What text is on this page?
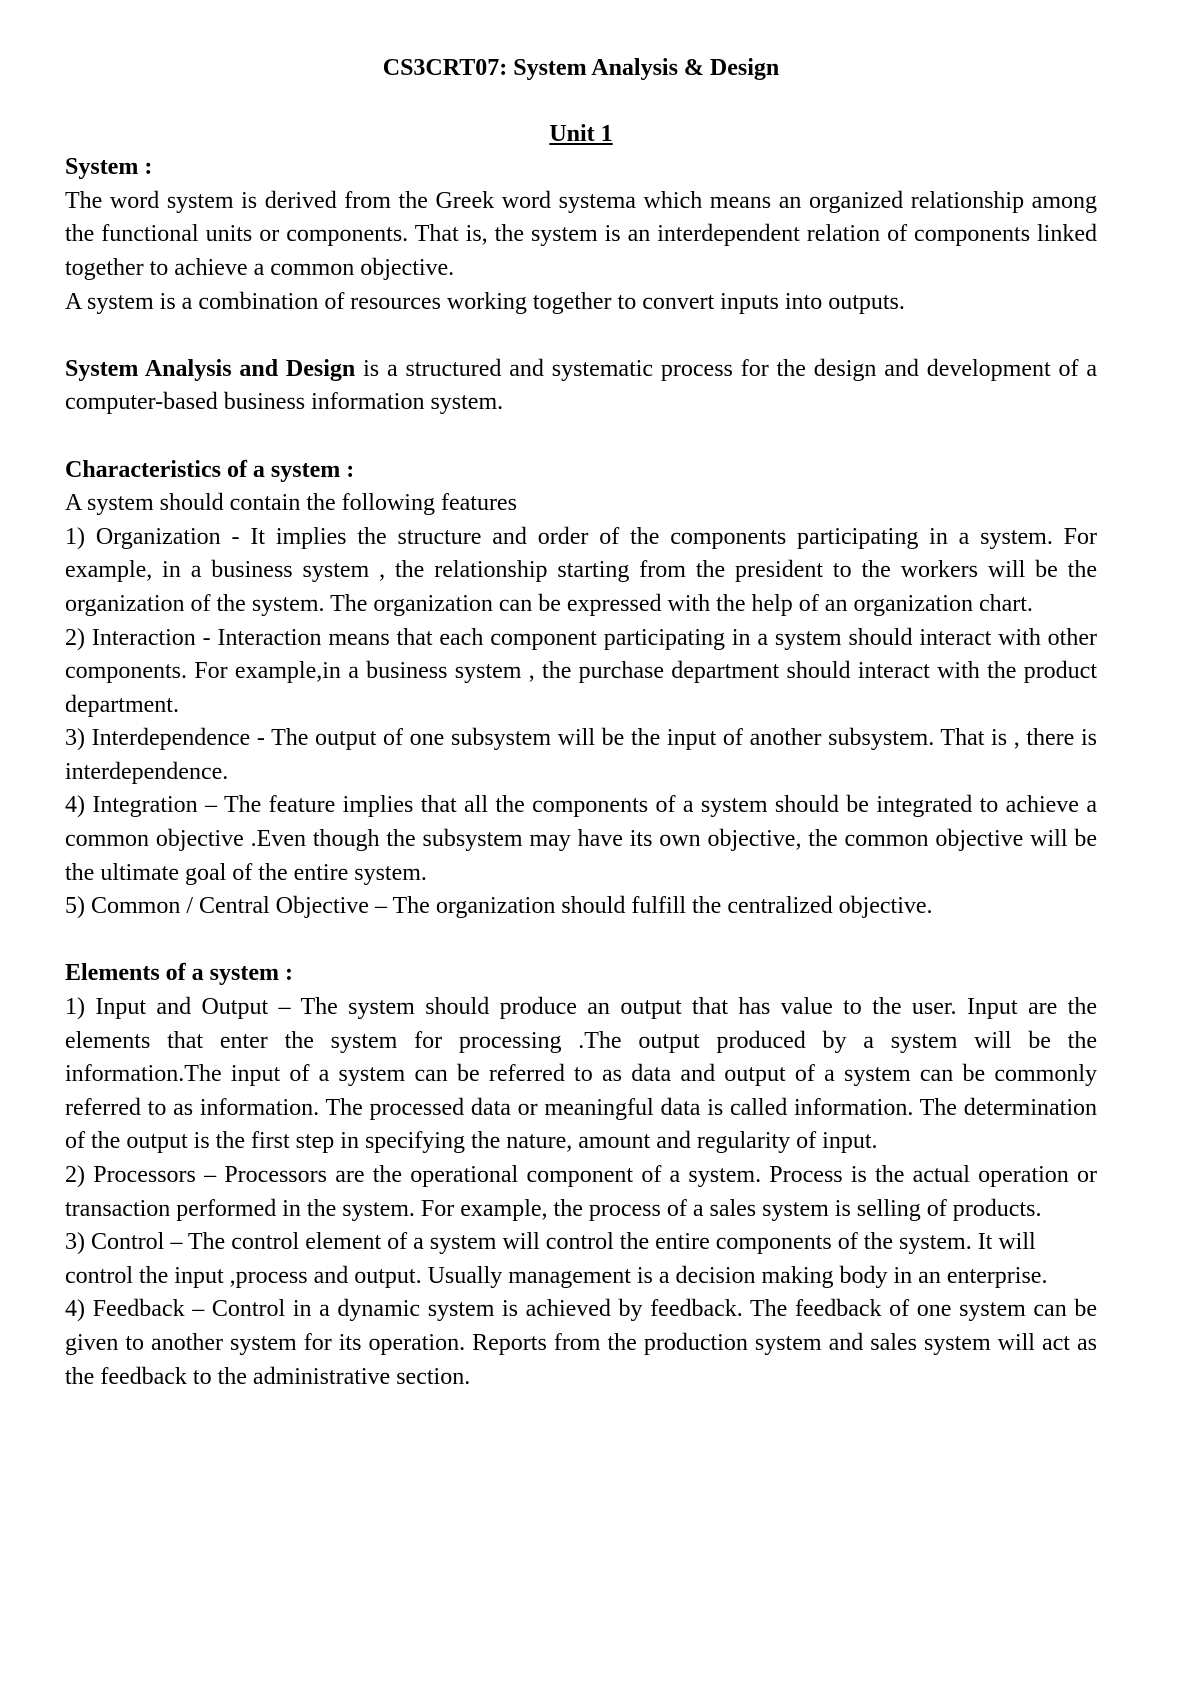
CS3CRT07: System Analysis & Design

Unit 1

System :

The word system is derived from the Greek word systema which means an organized relationship among the functional units or components. That is, the system is an interdependent relation of components linked together to achieve a common objective.

A system is a combination of resources working together to convert inputs into outputs.

System Analysis and Design is a structured and systematic process for the design and development of a computer-based business information system.

Characteristics of a system :

A system should contain the following features

1) Organization - It implies the structure and order of the components participating in a system. For example, in a business system , the relationship starting from the president to the workers will be the organization of the system. The organization can be expressed with the help of an organization chart.

2) Interaction - Interaction means that each component participating in a system should interact with other components. For example,in a business system , the purchase department should interact with the product department.

3) Interdependence - The output of one subsystem will be the input of another subsystem. That is , there is interdependence.

4) Integration – The feature implies that all the components of a system should be integrated to achieve a common objective .Even though the subsystem may have its own objective, the common objective will be the ultimate goal of the entire system.

5) Common / Central Objective – The organization should fulfill the centralized objective.

Elements of a system :

1) Input and Output – The system should produce an output that has value to the user. Input are the elements that enter the system for processing .The output produced by a system will be the information.The input of a system can be referred to as data and output of a system can be commonly referred to as information. The processed data or meaningful data is called information. The determination of the output is the first step in specifying the nature, amount and regularity of input.

2) Processors – Processors are the operational component of a system. Process is the actual operation or transaction performed in the system. For example, the process of a sales system is selling of products.

3) Control – The control element of a system will control the entire components of the system. It will control the input ,process and output. Usually management is a decision making body in an enterprise.

4) Feedback – Control in a dynamic system is achieved by feedback. The feedback of one system can be given to another system for its operation. Reports from the production system and sales system will act as the feedback to the administrative section.
